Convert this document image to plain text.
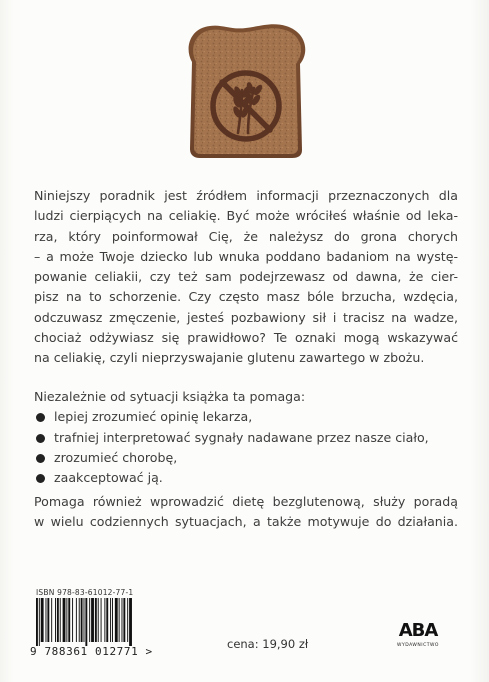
Niniejszy poradnik jest źródłem informacji przeznaczonych dla
ludzi cierpiących na celiakię. Być może wróciłeś właśnie od leka-
rza, który poinformował Cię, że należysz do grona chorych
– a może Twoje dziecko lub wnuka poddano badaniom na wystę-
powanie celiakii, czy też sam podejrzewasz od dawna, że cier-
pisz na to schorzenie. Czy często masz bóle brzucha, wzdęcia,
odczuwasz zmęczenie, jesteś pozbawiony sił i tracisz na wadze,
chociaż odżywiasz się prawidłowo? Te oznaki mogą wskazywać
na celiakię, czyli nieprzyswajanie glutenu zawartego w zbożu.
Niezależnie od sytuacji książka ta pomaga:
lepiej zrozumieć opinię lekarza,
trafniej interpretować sygnały nadawane przez nasze ciało,
zrozumieć chorobę,
zaakceptować ją.
Pomaga również wprowadzić dietę bezglutenową, służy poradą
w wielu codziennych sytuacjach, a także motywuje do działania.
ISBN 978-83-61012-77-1
9 788361 012771 >
cena: 19,90 zł
ABA
WYDAWNICTWO
